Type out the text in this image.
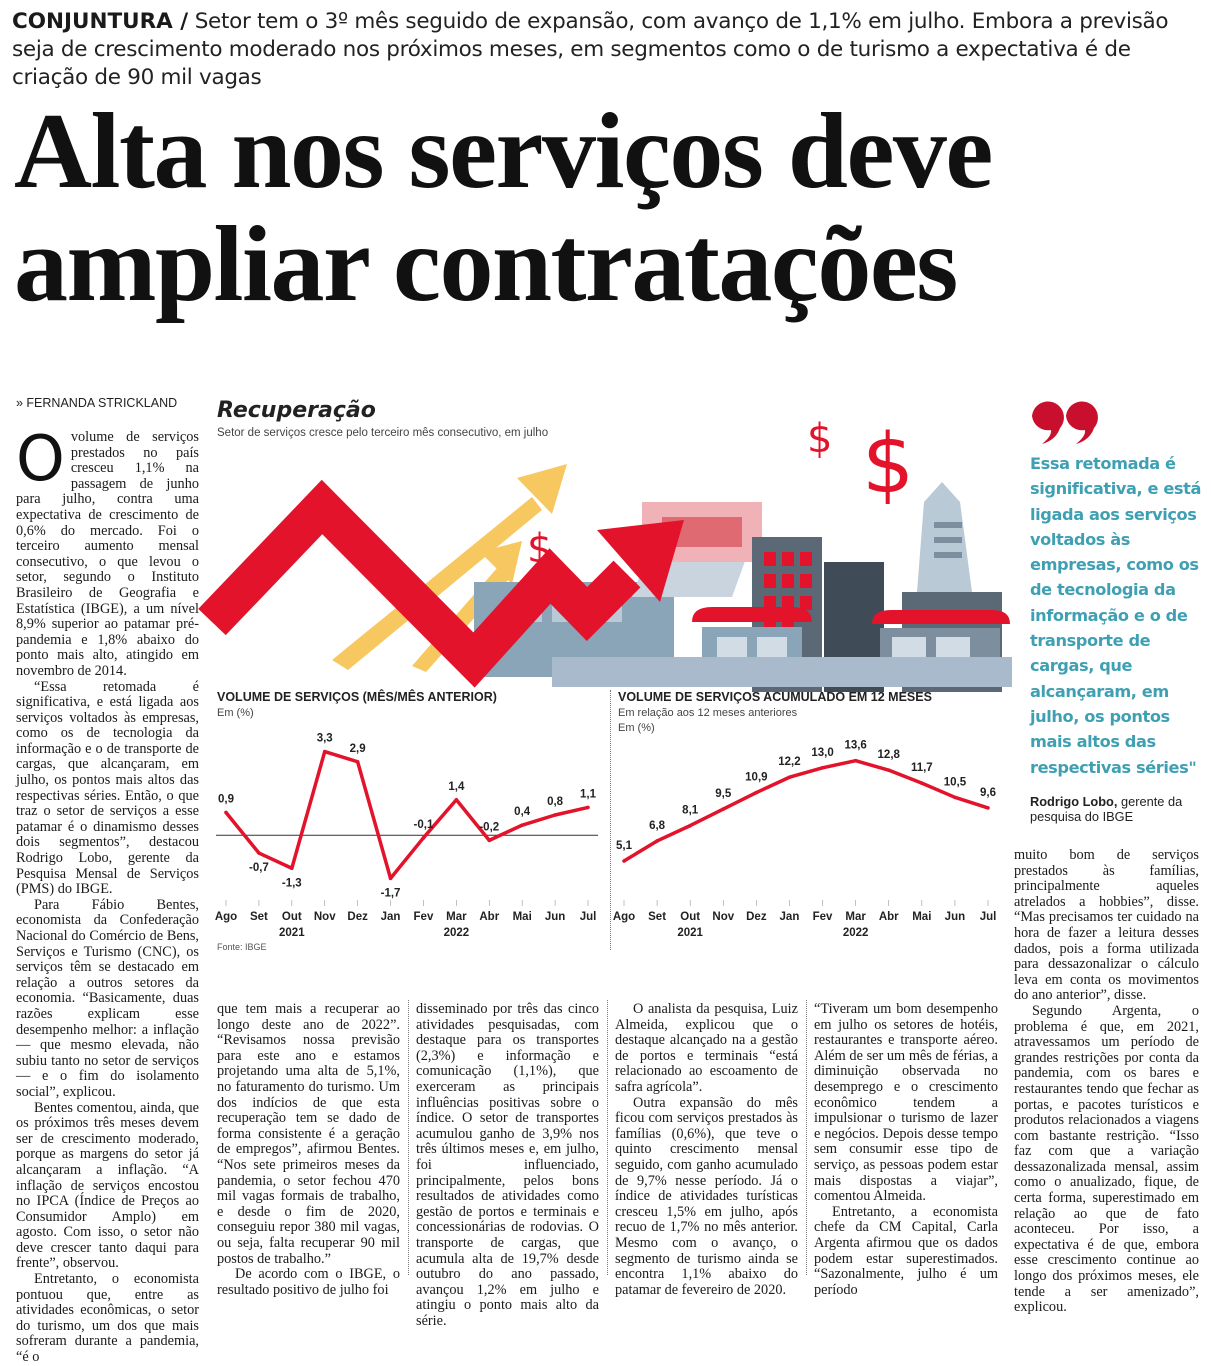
CONJUNTURA / Setor tem o 3º mês seguido de expansão, com avanço de 1,1% em julho. Embora a previsão seja de crescimento moderado nos próximos meses, em segmentos como o de turismo a expectativa é de criação de 90 mil vagas
Alta nos serviços deve ampliar contratações
» FERNANDA STRICKLAND

Ovolume de serviços prestados no país cresceu 1,1% na passagem de junho para julho, contra uma expectativa de crescimento de 0,6% do mercado. Foi o terceiro aumento mensal consecutivo, o que levou o setor, segundo o Instituto Brasileiro de Geografia e Estatística (IBGE), a um nível 8,9% superior ao patamar pré-pandemia e 1,8% abaixo do ponto mais alto, atingido em novembro de 2014.

“Essa retomada é significativa, e está ligada aos serviços voltados às empresas, como os de tecnologia da informação e o de transporte de cargas, que alcançaram, em julho, os pontos mais altos das respectivas séries. Então, o que traz o setor de serviços a esse patamar é o dinamismo desses dois segmentos”, destacou Rodrigo Lobo, gerente da Pesquisa Mensal de Serviços (PMS) do IBGE.

Para Fábio Bentes, economista da Confederação Nacional do Comércio de Bens, Serviços e Turismo (CNC), os serviços têm se destacado em relação a outros setores da economia. “Basicamente, duas razões explicam esse desempenho melhor: a inflação — que mesmo elevada, não subiu tanto no setor de serviços — e o fim do isolamento social”, explicou.

Bentes comentou, ainda, que os próximos três meses devem ser de crescimento moderado, porque as margens do setor já alcançaram a inflação. “A inflação de serviços encostou no IPCA (Índice de Preços ao Consumidor Amplo) em agosto. Com isso, o setor não deve crescer tanto daqui para frente”, observou.

Entretanto, o economista pontuou que, entre as atividades econômicas, o setor do turismo, um dos que mais sofreram durante a pandemia, “é o

que tem mais a recuperar ao longo deste ano de 2022”. “Revisamos nossa previsão para este ano e estamos projetando uma alta de 5,1%, no faturamento do turismo. Um dos indícios de que esta recuperação tem se dado de forma consistente é a geração de empregos”, afirmou Bentes. “Nos sete primeiros meses da pandemia, o setor fechou 470 mil vagas formais de trabalho, e desde o fim de 2020, conseguiu repor 380 mil vagas, ou seja, falta recuperar 90 mil postos de trabalho.”

De acordo com o IBGE, o resultado positivo de julho foi

disseminado por três das cinco atividades pesquisadas, com destaque para os transportes (2,3%) e informação e comunicação (1,1%), que exerceram as principais influências positivas sobre o índice. O setor de transportes acumulou ganho de 3,9% nos três últimos meses e, em julho, foi influenciado, principalmente, pelos bons resultados de atividades como gestão de portos e terminais e concessionárias de rodovias. O transporte de cargas, que acumula alta de 19,7% desde outubro do ano passado, avançou 1,2% em julho e atingiu o ponto mais alto da série.

O analista da pesquisa, Luiz Almeida, explicou que o destaque alcançado na a gestão de portos e terminais “está relacionado ao escoamento de safra agrícola”.

Outra expansão do mês ficou com serviços prestados às famílias (0,6%), que teve o quinto crescimento mensal seguido, com ganho acumulado de 9,7% nesse período. Já o índice de atividades turísticas cresceu 1,5% em julho, após recuo de 1,7% no mês anterior. Mesmo com o avanço, o segmento de turismo ainda se encontra 1,1% abaixo do patamar de fevereiro de 2020.

“Tiveram um bom desempenho em julho os setores de hotéis, restaurantes e transporte aéreo. Além de ser um mês de férias, a diminuição observada no desemprego e o crescimento econômico tendem a impulsionar o turismo de lazer e negócios. Depois desse tempo sem consumir esse tipo de serviço, as pessoas podem estar mais dispostas a viajar”, comentou Almeida.

Entretanto, a economista chefe da CM Capital, Carla Argenta afirmou que os dados podem estar superestimados. “Sazonalmente, julho é um período

muito bom de serviços prestados às famílias, principalmente aqueles atrelados a hobbies”, disse. “Mas precisamos ter cuidado na hora de fazer a leitura desses dados, pois a forma utilizada para dessazonalizar o cálculo leva em conta os movimentos do ano anterior”, disse.

Segundo Argenta, o problema é que, em 2021, atravessamos um período de grandes restrições por conta da pandemia, com os bares e restaurantes tendo que fechar as portas, e pacotes turísticos e produtos relacionados a viagens com bastante restrição. “Isso faz com que a variação dessazonalizada mensal, assim como o anualizado, fique, de certa forma, superestimado em relação ao que de fato aconteceu. Por isso, a expectativa é de que, embora esse crescimento continue ao longo dos próximos meses, ele tende a ser amenizado”, explicou.

Essa retomada é significativa, e está ligada aos serviços voltados às empresas, como os de tecnologia da informação e o de transporte de cargas, que alcançaram, em julho, os pontos mais altos das respectivas séries"
Rodrigo Lobo, gerente da pesquisa do IBGE
Recuperação
Setor de serviços cresce pelo terceiro mês consecutivo, em julho
$
$ $
VOLUME DE SERVIÇOS (MÊS/MÊS ANTERIOR)
Em (%)
0,9
-0,7
-1,3
3,3
2,9
-1,7
-0,1
1,4
-0,2
0,4
0,8
1,1
Ago Set Out Nov Dez Jan Fev Mar Abr Mai Jun Jul
2021	2022
Fonte: IBGE
VOLUME DE SERVIÇOS ACUMULADO EM 12 MESES
Em relação aos 12 meses anteriores
Em (%)
5,1
6,8
8,1
9,5
10,9
12,2
13,0
13,6
12,8
11,7
10,5
9,6
Ago Set Out Nov Dez Jan Fev Mar Abr Mai Jun Jul
2021	2022
